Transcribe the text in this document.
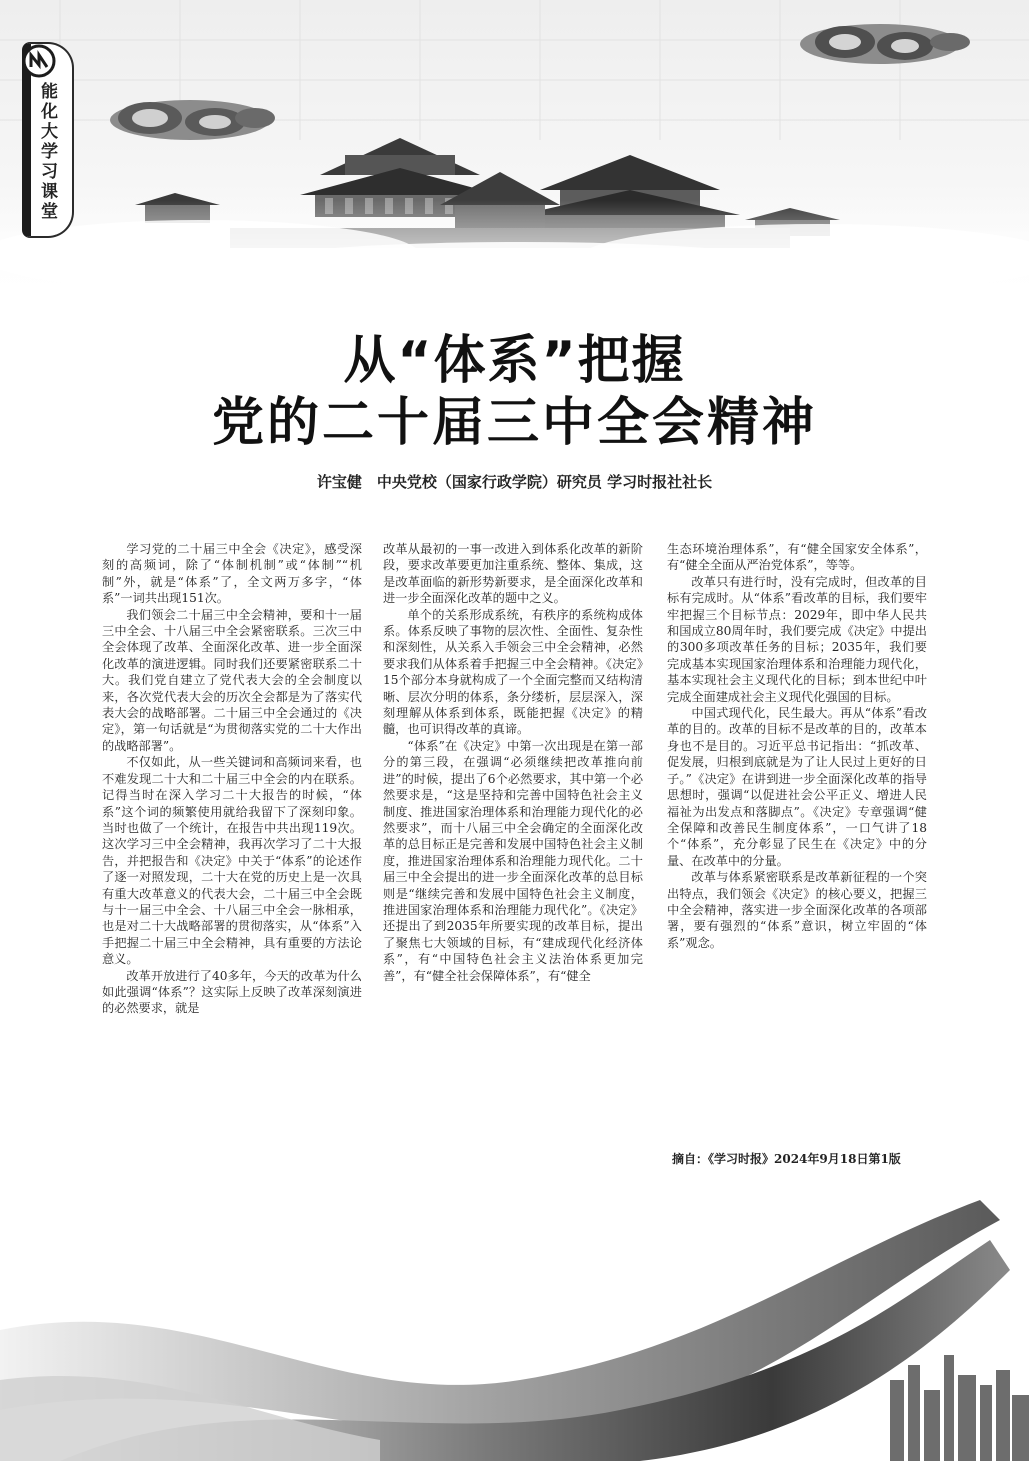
能化大学习课堂
从“体系”把握
党的二十届三中全会精神
许宝健　中央党校（国家行政学院）研究员 学习时报社社长

学习党的二十届三中全会《决定》，感受深刻的高频词，除了“体制机制”或“体制”“机制”外，就是“体系”了，全文两万多字，“体系”一词共出现151次。

我们领会二十届三中全会精神，要和十一届三中全会、十八届三中全会紧密联系。三次三中全会体现了改革、全面深化改革、进一步全面深化改革的演进逻辑。同时我们还要紧密联系二十大。我们党自建立了党代表大会的全会制度以来，各次党代表大会的历次全会都是为了落实代表大会的战略部署。二十届三中全会通过的《决定》，第一句话就是“为贯彻落实党的二十大作出的战略部署”。

不仅如此，从一些关键词和高频词来看，也不难发现二十大和二十届三中全会的内在联系。记得当时在深入学习二十大报告的时候，“体系”这个词的频繁使用就给我留下了深刻印象。当时也做了一个统计，在报告中共出现119次。这次学习三中全会精神，我再次学习了二十大报告，并把报告和《决定》中关于“体系”的论述作了逐一对照发现，二十大在党的历史上是一次具有重大改革意义的代表大会，二十届三中全会既与十一届三中全会、十八届三中全会一脉相承，也是对二十大战略部署的贯彻落实，从“体系”入手把握二十届三中全会精神，具有重要的方法论意义。

改革开放进行了40多年，今天的改革为什么如此强调“体系”？这实际上反映了改革深刻演进的必然要求，就是

改革从最初的一事一改进入到体系化改革的新阶段，要求改革要更加注重系统、整体、集成，这是改革面临的新形势新要求，是全面深化改革和进一步全面深化改革的题中之义。

单个的关系形成系统，有秩序的系统构成体系。体系反映了事物的层次性、全面性、复杂性和深刻性，从关系入手领会三中全会精神，必然要求我们从体系着手把握三中全会精神。《决定》15个部分本身就构成了一个全面完整而又结构清晰、层次分明的体系，条分缕析，层层深入，深刻理解从体系到体系，既能把握《决定》的精髓，也可识得改革的真谛。

“体系”在《决定》中第一次出现是在第一部分的第三段，在强调“必须继续把改革推向前进”的时候，提出了6个必然要求，其中第一个必然要求是，“这是坚持和完善中国特色社会主义制度、推进国家治理体系和治理能力现代化的必然要求”，而十八届三中全会确定的全面深化改革的总目标正是完善和发展中国特色社会主义制度，推进国家治理体系和治理能力现代化。二十届三中全会提出的进一步全面深化改革的总目标则是“继续完善和发展中国特色社会主义制度，推进国家治理体系和治理能力现代化”。《决定》还提出了到2035年所要实现的改革目标，提出了聚焦七大领域的目标，有“建成现代化经济体系”，有“中国特色社会主义法治体系更加完善”，有“健全社会保障体系”，有“健全

生态环境治理体系”，有“健全国家安全体系”，有“健全全面从严治党体系”，等等。

改革只有进行时，没有完成时，但改革的目标有完成时。从“体系”看改革的目标，我们要牢牢把握三个目标节点：2029年，即中华人民共和国成立80周年时，我们要完成《决定》中提出的300多项改革任务的目标；2035年，我们要完成基本实现国家治理体系和治理能力现代化，基本实现社会主义现代化的目标；到本世纪中叶完成全面建成社会主义现代化强国的目标。

中国式现代化，民生最大。再从“体系”看改革的目的。改革的目标不是改革的目的，改革本身也不是目的。习近平总书记指出：“抓改革、促发展，归根到底就是为了让人民过上更好的日子。”《决定》在讲到进一步全面深化改革的指导思想时，强调“以促进社会公平正义、增进人民福祉为出发点和落脚点”。《决定》专章强调“健全保障和改善民生制度体系”，一口气讲了18个“体系”，充分彰显了民生在《决定》中的分量、在改革中的分量。

改革与体系紧密联系是改革新征程的一个突出特点，我们领会《决定》的核心要义，把握三中全会精神，落实进一步全面深化改革的各项部署，要有强烈的“体系”意识，树立牢固的“体系”观念。

摘自：《学习时报》2024年9月18日第1版
